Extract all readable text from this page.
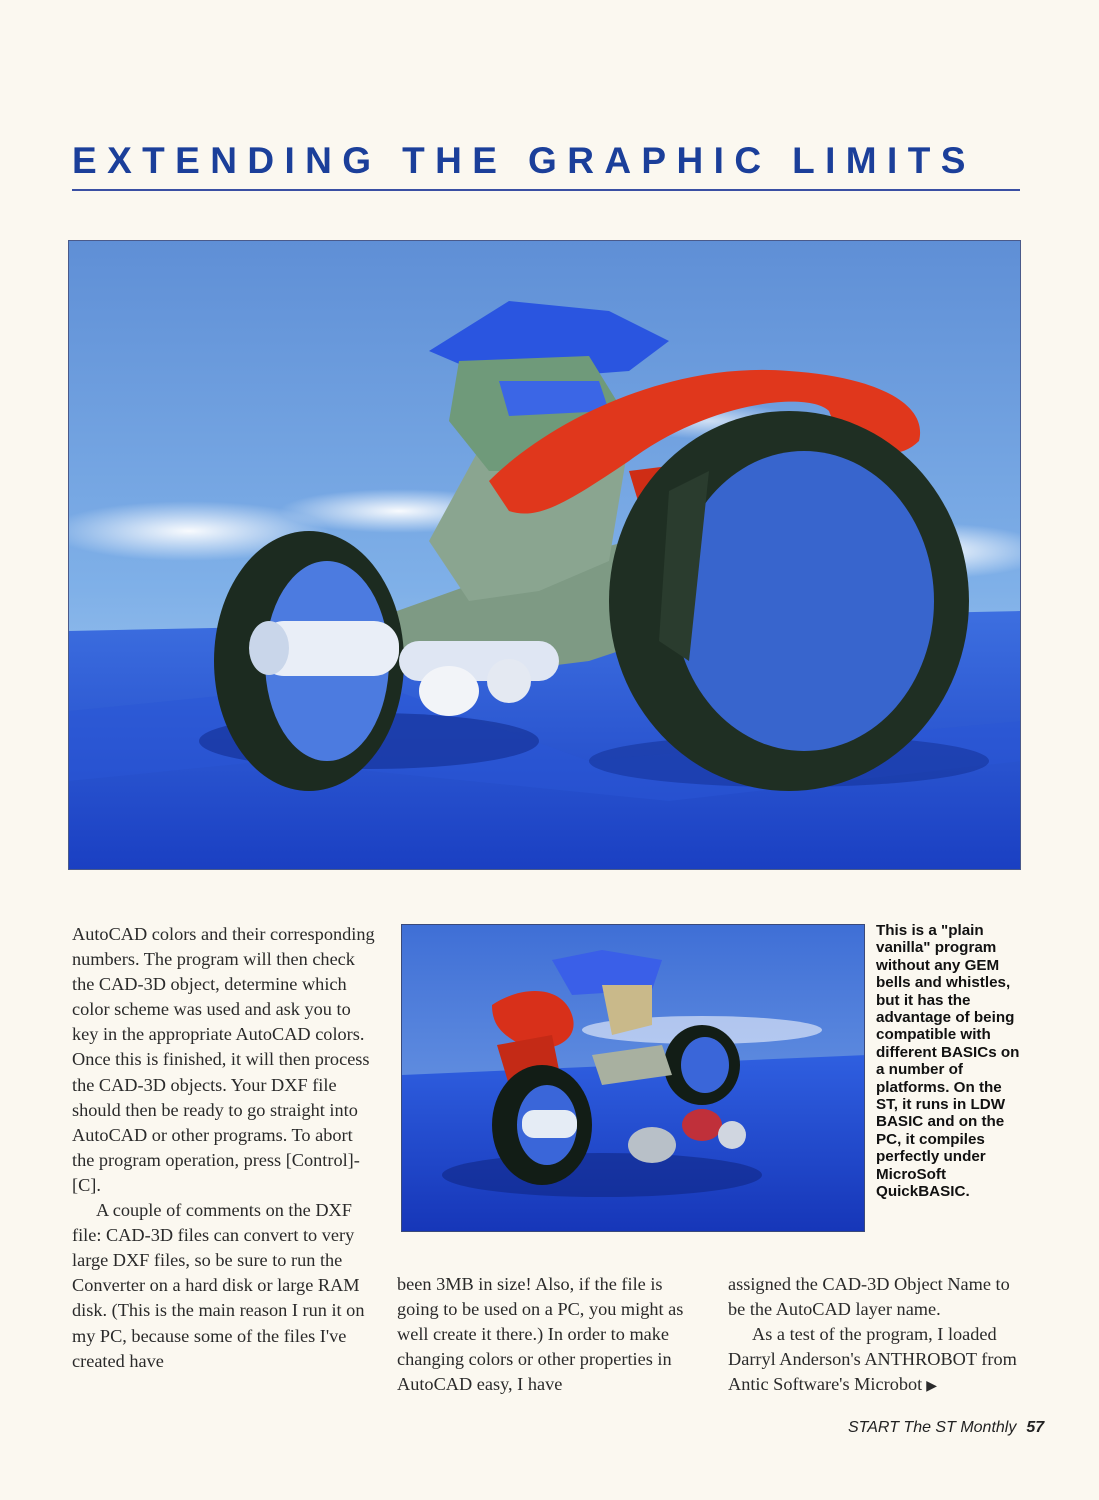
EXTENDING THE GRAPHIC LIMITS

AutoCAD colors and their corresponding numbers. The program will then check the CAD-3D object, determine which color scheme was used and ask you to key in the appropriate AutoCAD colors. Once this is finished, it will then process the CAD-3D objects. Your DXF file should then be ready to go straight into AutoCAD or other programs. To abort the program operation, press [Control]-[C].

A couple of comments on the DXF file: CAD-3D files can convert to very large DXF files, so be sure to run the Converter on a hard disk or large RAM disk. (This is the main reason I run it on my PC, because some of the files I've created have

been 3MB in size! Also, if the file is going to be used on a PC, you might as well create it there.) In order to make changing colors or other properties in AutoCAD easy, I have

assigned the CAD-3D Object Name to be the AutoCAD layer name.

As a test of the program, I loaded Darryl Anderson's ANTHROBOT from Antic Software's Microbot ▶

This is a "plain vanilla" program without any GEM bells and whistles, but it has the advantage of being compatible with different BASICs on a number of platforms. On the ST, it runs in LDW BASIC and on the PC, it compiles perfectly under MicroSoft QuickBASIC.

START The ST Monthly 57
